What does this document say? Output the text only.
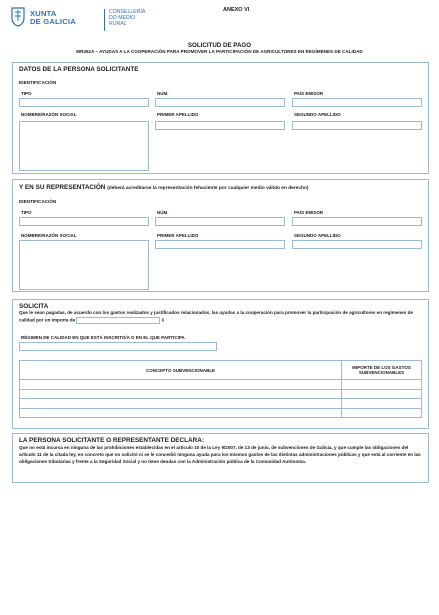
XUNTA
DE GALICIA
CONSELLERÍA
DO MEDIO
RURAL
ANEXO VI
SOLICITUD DE PAGO
MR362A – AYUDAS A LA COOPERACIÓN PARA PROMOVER LA PARTICIPACIÓN DE AGRICULTORES EN REGÍMENES DE CALIDAD
DATOS DE LA PERSONA SOLICITANTE
IDENTIFICACIÓN
TIPO	NÚM.	PAÍS EMISOR
NOMBRE/RAZÓN SOCIAL	PRIMER APELLIDO	SEGUNDO APELLIDO
Y EN SU REPRESENTACIÓN (deberá acreditarse la representación fehaciente por cualquier medio válido en derecho)
IDENTIFICACIÓN
TIPO	NÚM.	PAÍS EMISOR
NOMBRE/RAZÓN SOCIAL	PRIMER APELLIDO	SEGUNDO APELLIDO
SOLICITA
Que le sean pagadas, de acuerdo con los gastos realizados y justificados relacionados, las ayudas a la cooperación para promover la participación de agricultores en regímenes de calidad por un importe de	€
RÉGIMEN DE CALIDAD EN QUE ESTÁ INSCRITO/A O EN EL QUE PARTICIPA
CONCEPTO SUBVENCIONABLE	IMPORTE DE LOS GASTOS SUBVENCIONABLES

LA PERSONA SOLICITANTE O REPRESENTANTE DECLARA:
Que no está incursa en ninguna de las prohibiciones establecidas en el artículo 10 de la Ley 9/2007, de 13 de junio, de subvenciones de Galicia, y que cumple las obligaciones del artículo 11 de la citada ley, en concreto que no solicitó ni se le concedió ninguna ayuda para los mismos gastos de las distintas administraciones públicas y que está al corriente en las obligaciones tributarias y frente a la Seguridad Social y no tiene deudas con la Administración pública de la Comunidad Autónoma.
